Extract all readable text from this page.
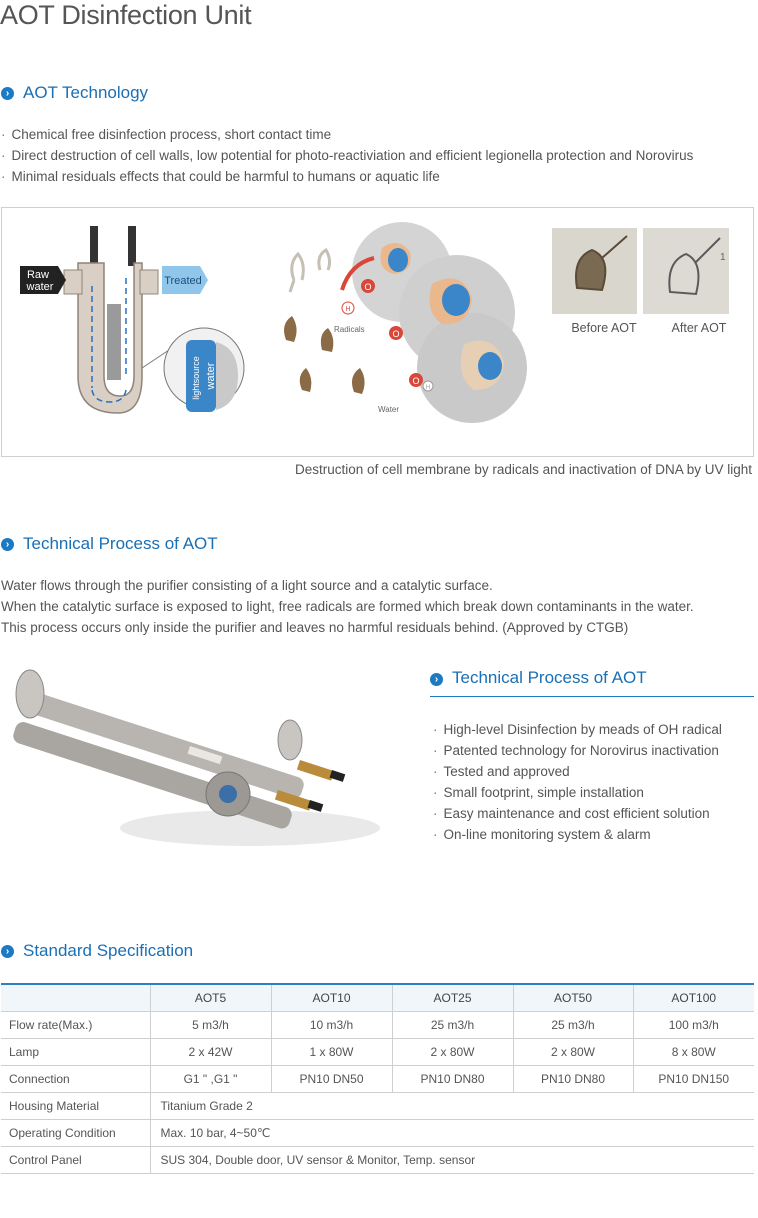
AOT Disinfection Unit
› AOT Technology
· Chemical free disinfection process, short contact time
· Direct destruction of cell walls, low potential for photo-reactiviation and efficient legionella protection and Norovirus
· Minimal residuals effects that could be harmful to humans or aquatic life
Raw
water	Treated
lightsource water
O
O
O
H
H
Radicals
Water
1
Before AOT	After AOT
Destruction of cell membrane by radicals and inactivation of DNA by UV light
› Technical Process of AOT
Water flows through the purifier consisting of a light source and a catalytic surface.
When the catalytic surface is exposed to light, free radicals are formed which break down contaminants in the water.
This process occurs only inside the purifier and leaves no harmful residuals behind. (Approved by CTGB)
› Technical Process of AOT
· High-level Disinfection by meads of OH radical
· Patented technology for Norovirus inactivation
· Tested and approved
· Small footprint, simple installation
· Easy maintenance and cost efficient solution
· On-line monitoring system & alarm
› Standard Specification
	AOT5	AOT10	AOT25	AOT50	AOT100
Flow rate(Max.)	5 m3/h	10 m3/h	25 m3/h	25 m3/h	100 m3/h
Lamp	2 x 42W	1 x 80W	2 x 80W	2 x 80W	8 x 80W
Connection	G1 " ,G1 "	PN10 DN50	PN10 DN80	PN10 DN80	PN10 DN150
Housing Material	Titanium Grade 2				
Operating Condition	Max. 10 bar, 4~50℃				
Control Panel	SUS 304, Double door, UV sensor & Monitor, Temp. sensor				
